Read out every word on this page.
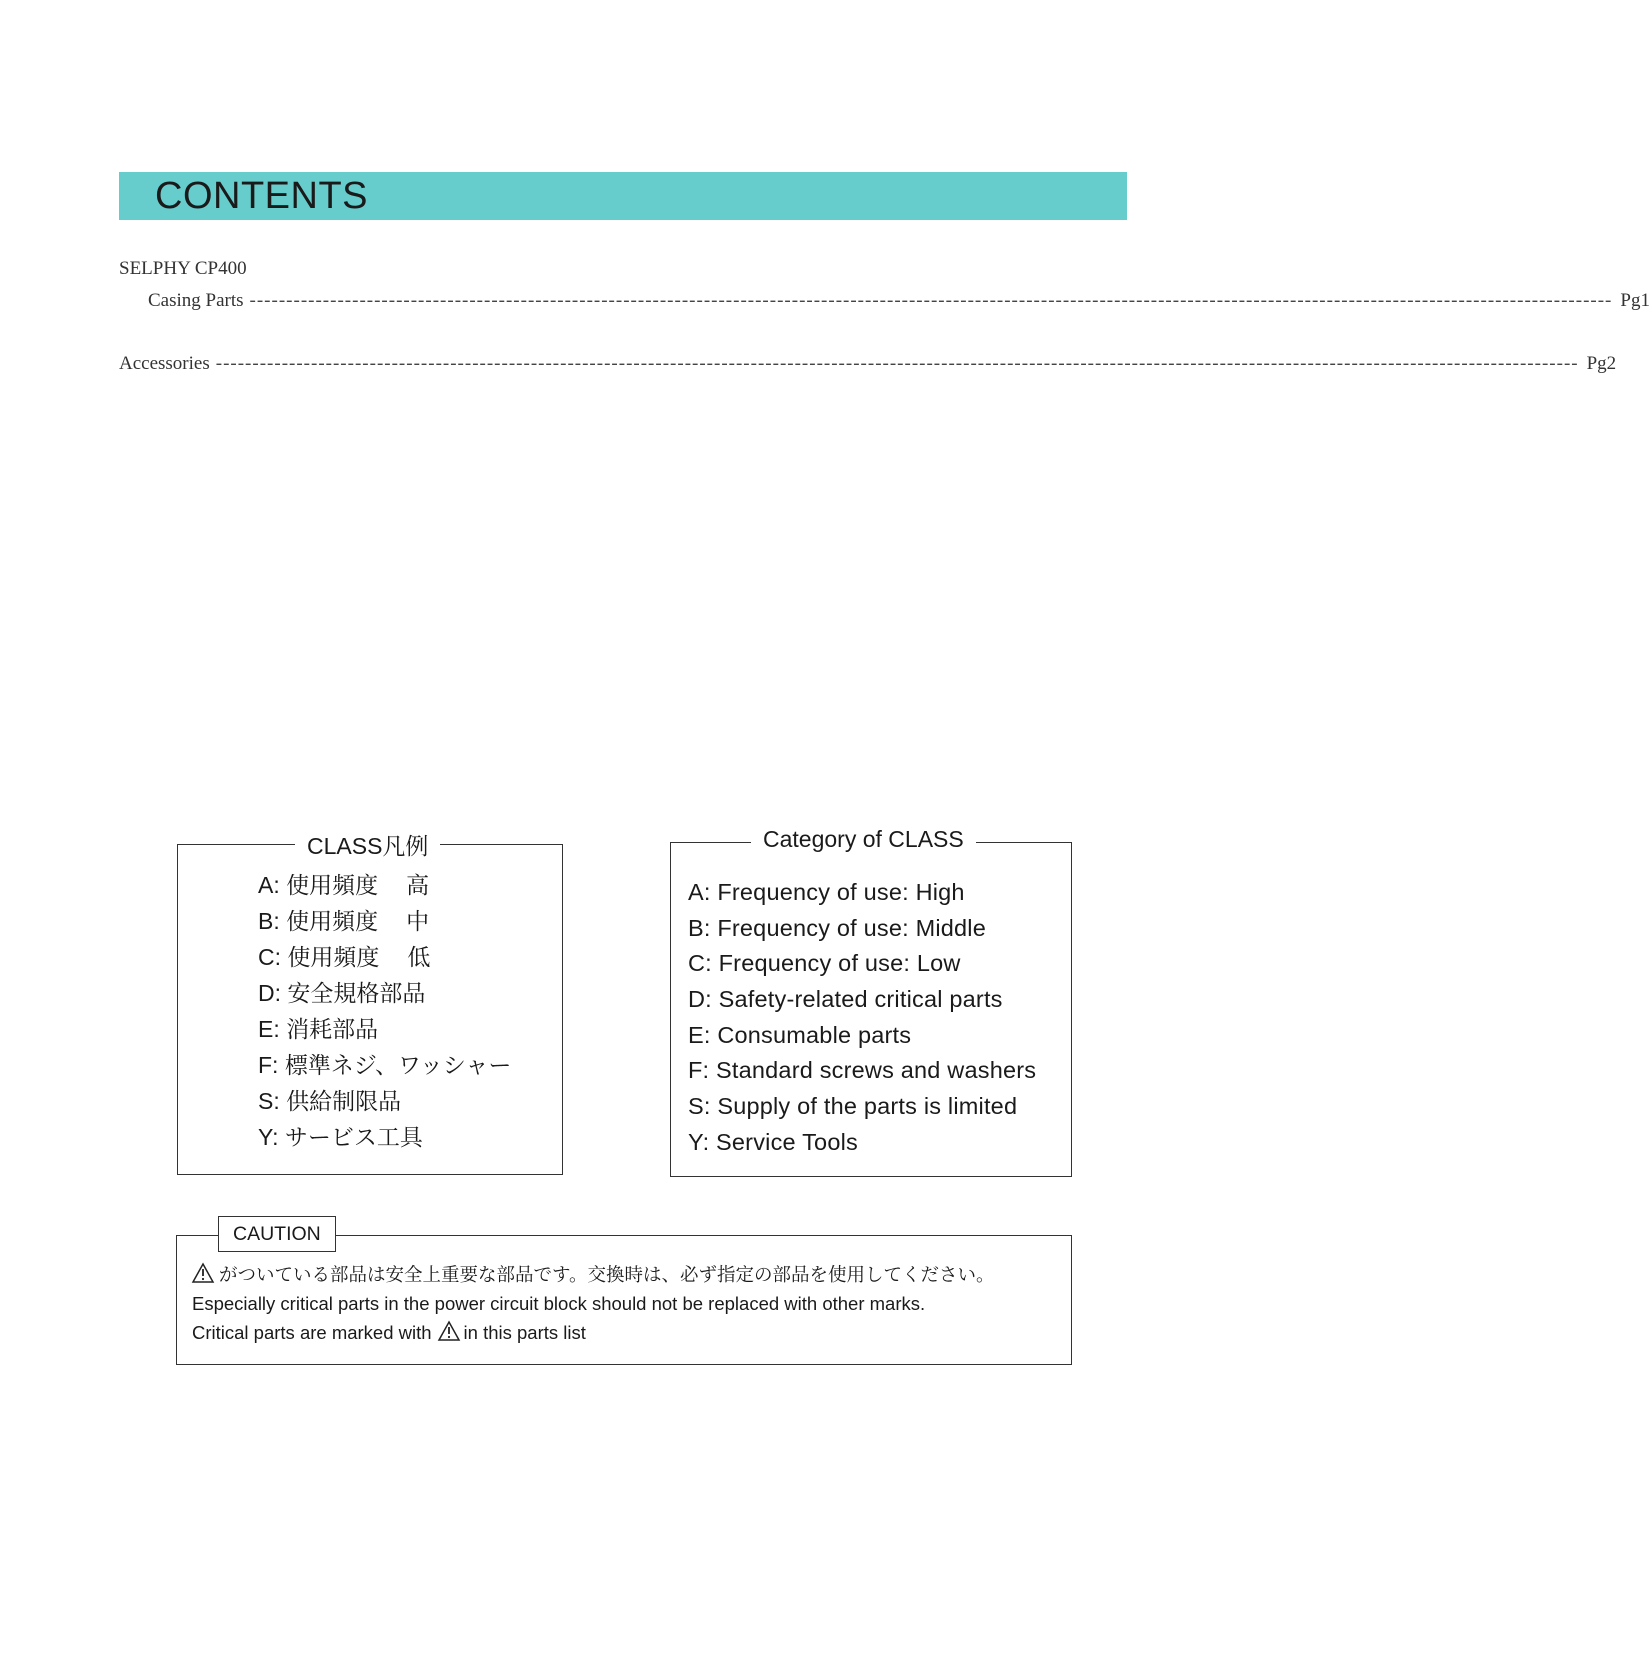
CONTENTS
SELPHY CP400
Casing Parts ------------------------------------------------------------------------------------------------------------------------------------------------------------------------------------------ Pg1
Accessories ------------------------------------------------------------------------------------------------------------------------------------------------------------------------------------------ Pg2
CLASS凡例
A: 使用頻度 高
B: 使用頻度 中
C: 使用頻度 低
D: 安全規格部品
E: 消耗部品
F: 標準ネジ、ワッシャー
S: 供給制限品
Y: サービス工具
Category of CLASS
A: Frequency of use: High
B: Frequency of use: Middle
C: Frequency of use: Low
D: Safety-related critical parts
E: Consumable parts
F: Standard screws and washers
S: Supply of the parts is limited
Y: Service Tools
CAUTION
がついている部品は安全上重要な部品です。交換時は、必ず指定の部品を使用してください。
Especially critical parts in the power circuit block should not be replaced with other marks.
Critical parts are marked with in this parts list
